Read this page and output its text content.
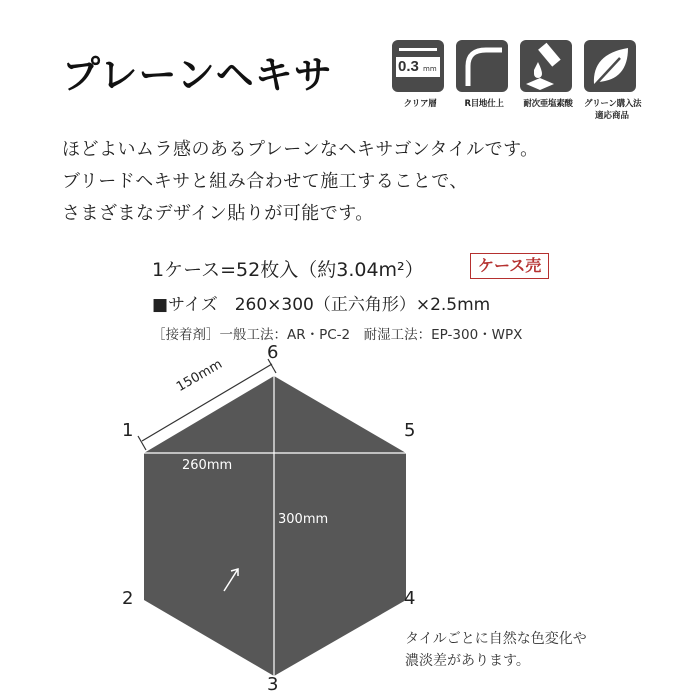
プレーンヘキサ	0.3 mm
クリア層	R目地仕上	耐次亜塩素酸	グリーン購入法
適応商品

ほどよいムラ感のあるプレーンなヘキサゴンタイルです。

ブリードヘキサと組み合わせて施工することで、

さまざまなデザイン貼りが可能です。

1ケース=52枚入（約3.04m²）	ケース売
■サイズ　260×300（正六角形）×2.5mm
［接着剤］一般工法：AR・PC-2　耐湿工法：EP-300・WPX
1
2
3
4
5
6
150mm
260mm
300mm

タイルごとに自然な色変化や

濃淡差があります。
